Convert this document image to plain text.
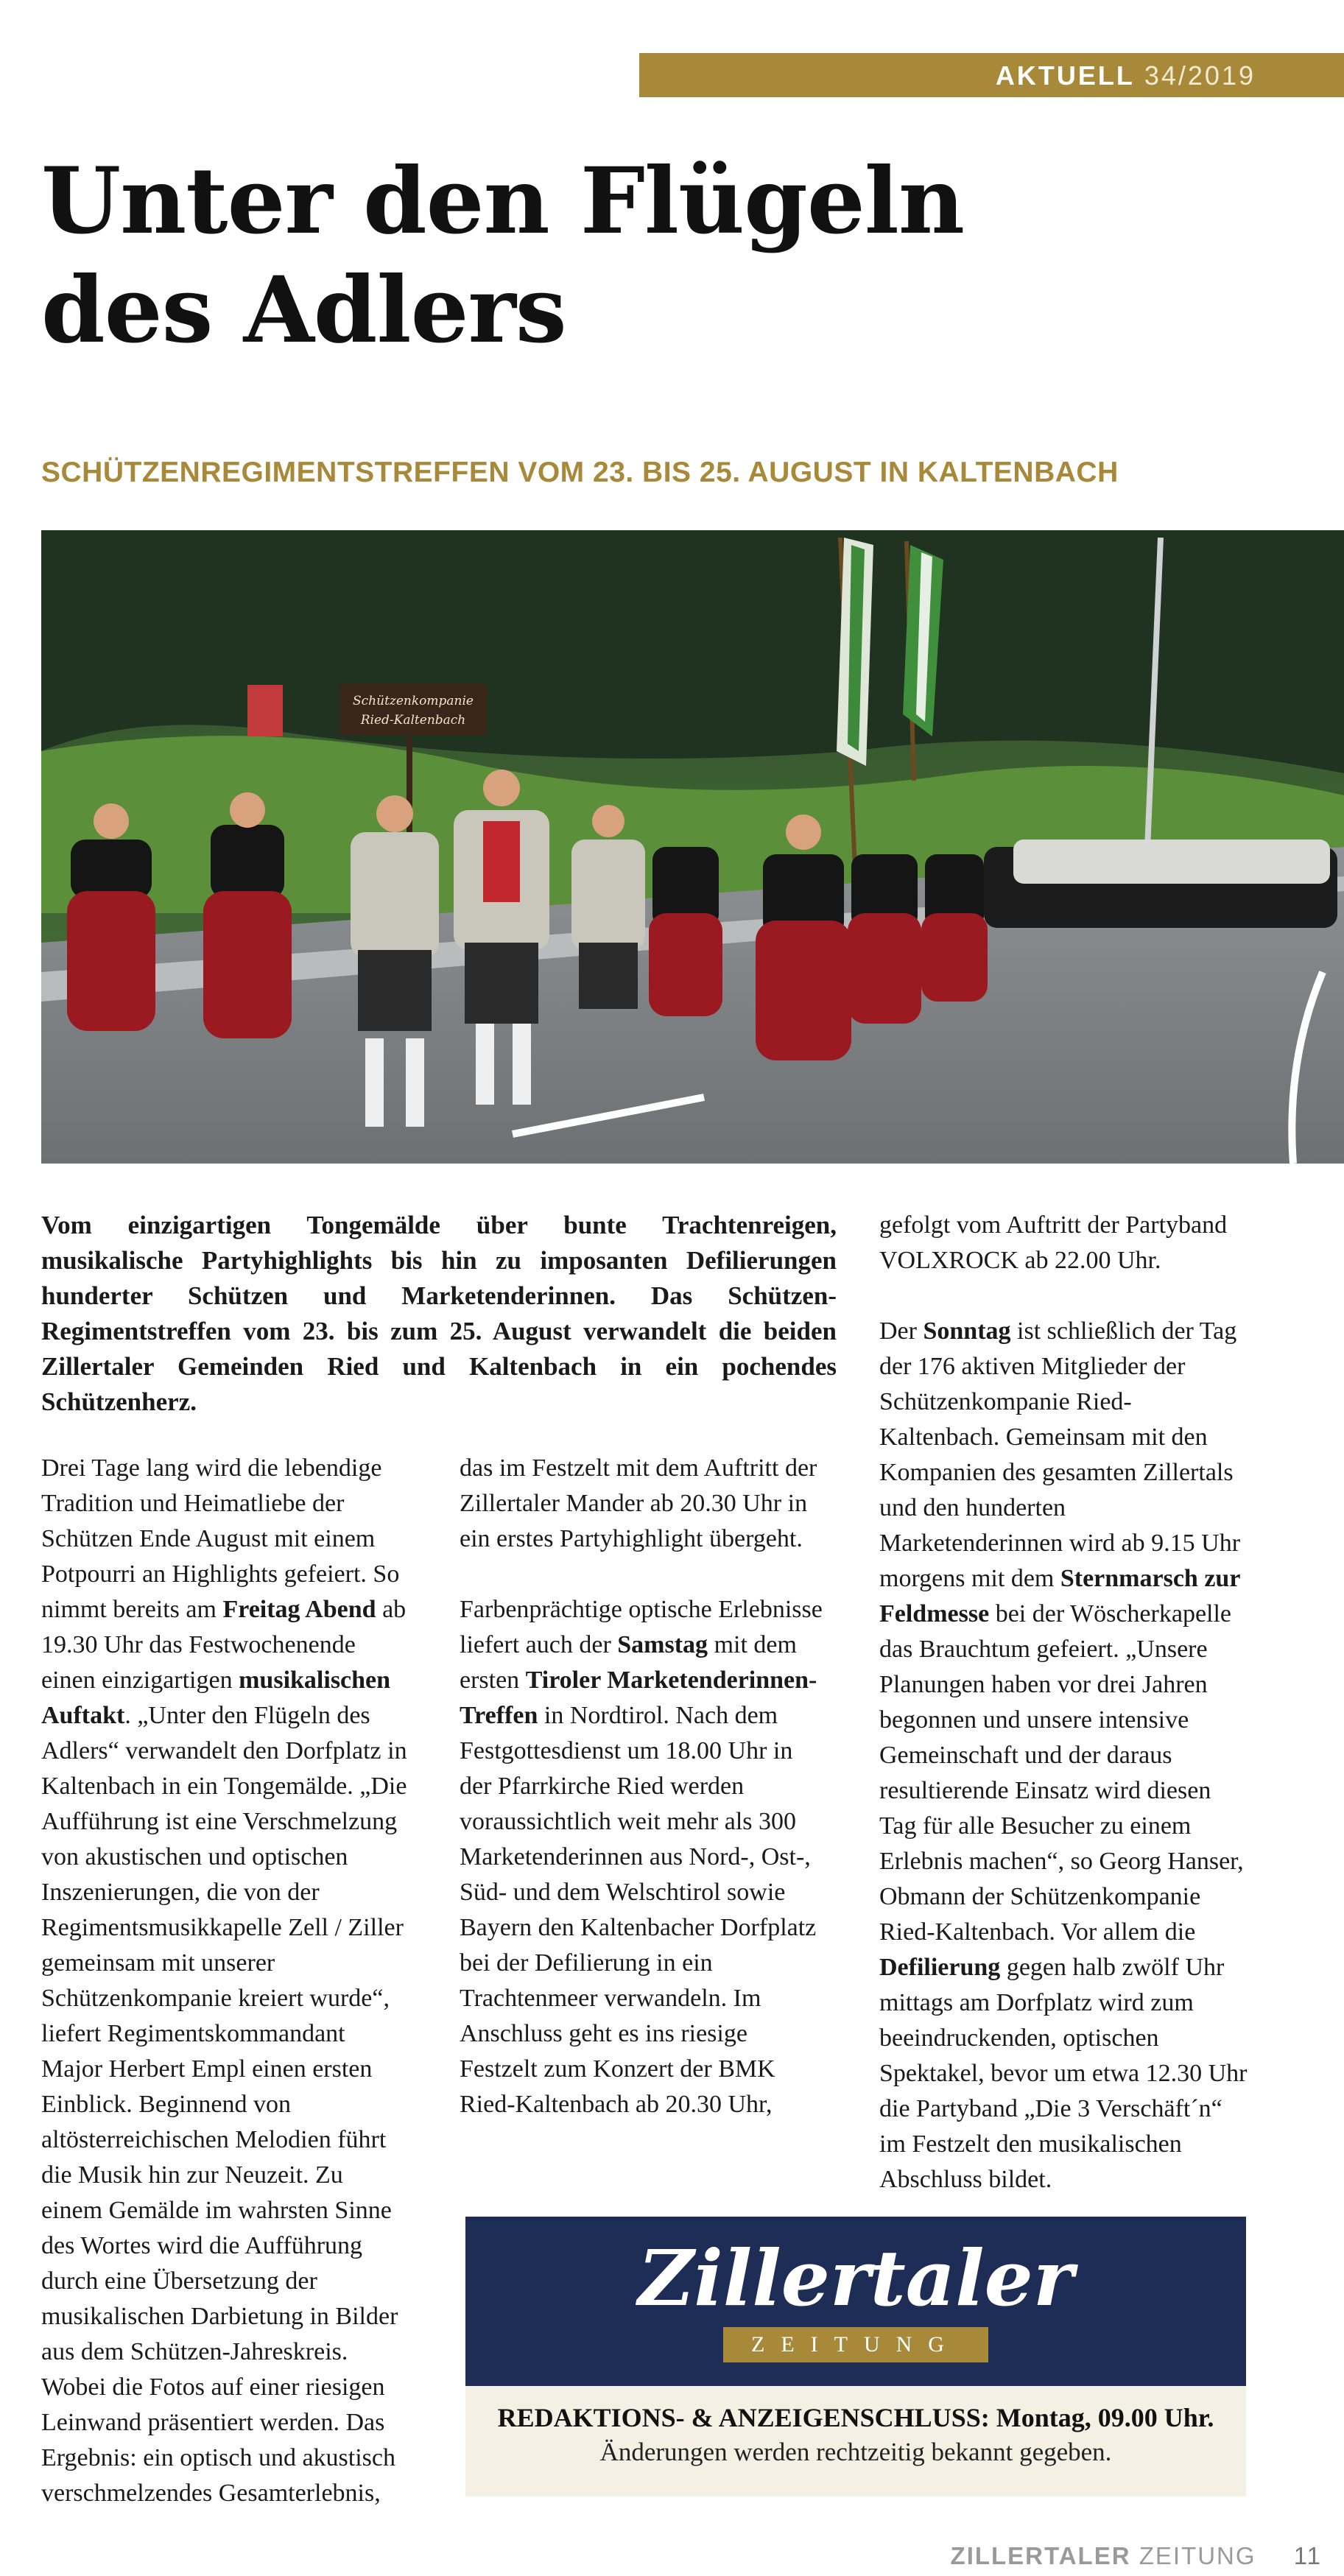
AKTUELL 34/2019
Unter den Flügeln
des Adlers
SCHÜTZENREGIMENTSTREFFEN VOM 23. BIS 25. AUGUST IN KALTENBACH
Schützenkompanie
Ried-Kaltenbach
Vom einzigartigen Tongemälde über bunte Trachtenreigen, musikalische Partyhighlights bis hin zu imposanten Defilierungen hunderter Schützen und Marketenderinnen. Das Schützen-Regimentstreffen vom 23. bis zum 25. August verwandelt die beiden Zillertaler Gemeinden Ried und Kaltenbach in ein pochendes Schützenherz.

Drei Tage lang wird die lebendige Tradition und Heimatliebe der Schützen Ende August mit einem Potpourri an Highlights gefeiert. So nimmt bereits am Freitag Abend ab 19.30 Uhr das Festwochenende einen einzigartigen musikalischen Auftakt. „Unter den Flügeln des Adlers“ verwandelt den Dorfplatz in Kaltenbach in ein Tongemälde. „Die Aufführung ist eine Verschmelzung von akustischen und optischen Inszenierungen, die von der Regimentsmusikkapelle Zell / Ziller gemeinsam mit unserer Schützenkompanie kreiert wurde“, liefert Regimentskommandant Major Herbert Empl einen ersten Einblick. Beginnend von altösterreichischen Melodien führt die Musik hin zur Neuzeit. Zu einem Gemälde im wahrsten Sinne des Wortes wird die Aufführung durch eine Übersetzung der musikalischen Darbietung in Bilder aus dem Schützen-Jahreskreis. Wobei die Fotos auf einer riesigen Leinwand präsentiert werden. Das Ergebnis: ein optisch und akustisch verschmelzendes Gesamterlebnis,

das im Festzelt mit dem Auftritt der Zillertaler Mander ab 20.30 Uhr in ein erstes Partyhighlight übergeht.

Farbenprächtige optische Erlebnisse liefert auch der Samstag mit dem ersten Tiroler Marketenderinnen-Treffen in Nordtirol. Nach dem Festgottesdienst um 18.00 Uhr in der Pfarrkirche Ried werden voraussichtlich weit mehr als 300 Marketenderinnen aus Nord-, Ost-, Süd- und dem Welschtirol sowie Bayern den Kaltenbacher Dorfplatz bei der Defilierung in ein Trachtenmeer verwandeln. Im Anschluss geht es ins riesige Festzelt zum Konzert der BMK Ried-Kaltenbach ab 20.30 Uhr,

gefolgt vom Auftritt der Partyband VOLXROCK ab 22.00 Uhr.

Der Sonntag ist schließlich der Tag der 176 aktiven Mitglieder der Schützenkompanie Ried-Kaltenbach. Gemeinsam mit den Kompanien des gesamten Zillertals und den hunderten Marketenderinnen wird ab 9.15 Uhr morgens mit dem Sternmarsch zur Feldmesse bei der Wöscherkapelle das Brauchtum gefeiert. „Unsere Planungen haben vor drei Jahren begonnen und unsere intensive Gemeinschaft und der daraus resultierende Einsatz wird diesen Tag für alle Besucher zu einem Erlebnis machen“, so Georg Hanser, Obmann der Schützenkompanie Ried-Kaltenbach. Vor allem die Defilierung gegen halb zwölf Uhr mittags am Dorfplatz wird zum beeindruckenden, optischen Spektakel, bevor um etwa 12.30 Uhr die Partyband „Die 3 Verschäft´n“ im Festzelt den musikalischen Abschluss bildet.

Zillertaler
ZEITUNG
REDAKTIONS- & ANZEIGENSCHLUSS: Montag, 09.00 Uhr.
Änderungen werden rechtzeitig bekannt gegeben.
ZILLERTALER ZEITUNG 11
